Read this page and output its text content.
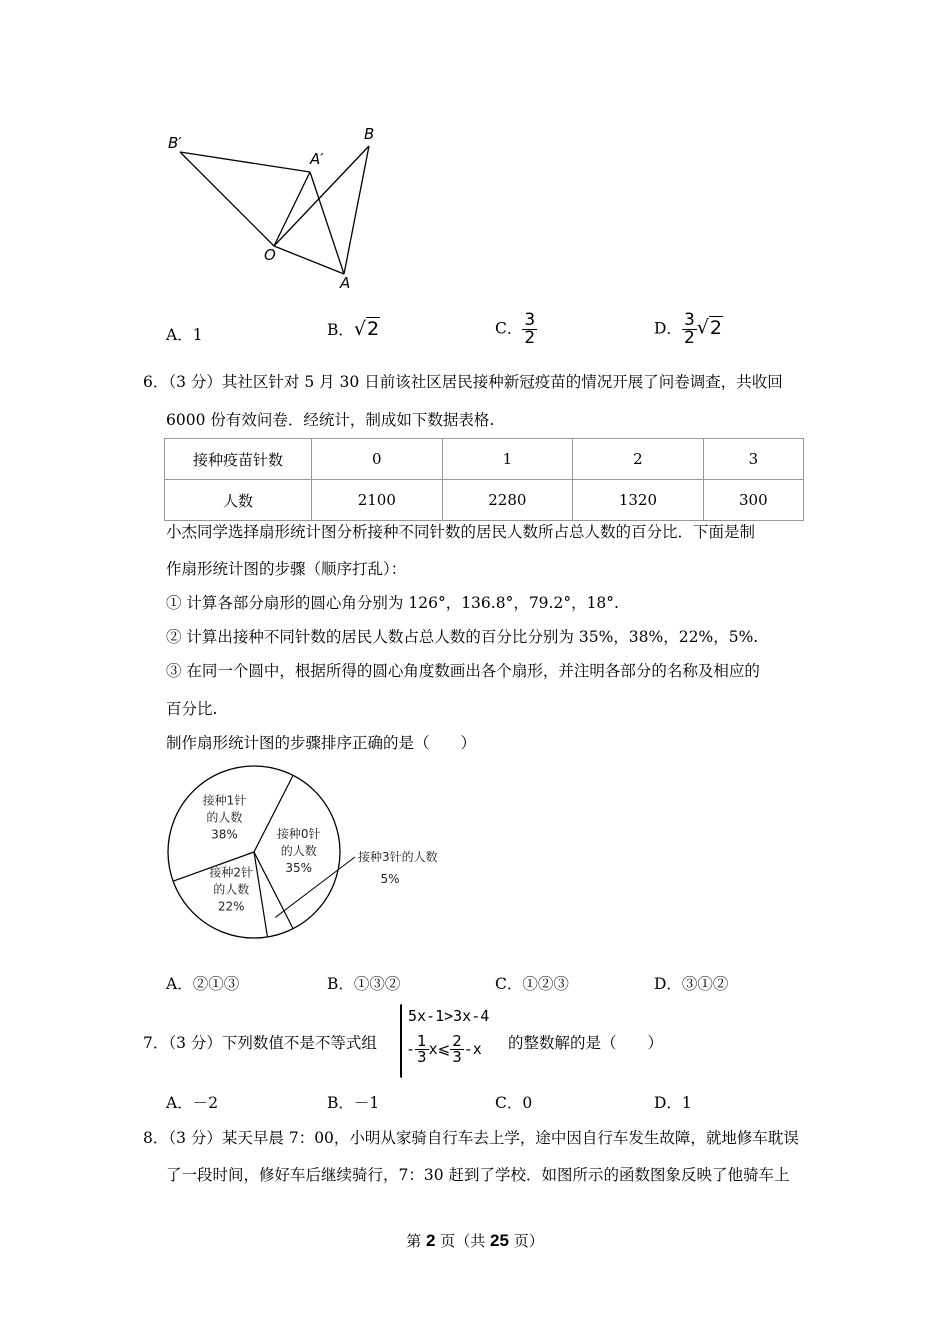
B′
A′
B
O
A
A．1	B．√2	C． $\frac{3}{2}$	D． $\frac{3}{2} √2$
6．（3 分）其社区针对 5 月 30 日前该社区居民接种新冠疫苗的情况开展了问卷调查，共收回
6000 份有效问卷．经统计，制成如下数据表格.
接种疫苗针数	0	1	2	3
人数	2100	2280	1320	300
小杰同学选择扇形统计图分析接种不同针数的居民人数所占总人数的百分比．下面是制
作扇形统计图的步骤（顺序打乱）：
① 计算各部分扇形的圆心角分别为 126°，136.8°，79.2°，18°.
② 计算出接种不同针数的居民人数占总人数的百分比分别为 35%，38%，22%，5%.
③ 在同一个圆中，根据所得的圆心角度数画出各个扇形，并注明各部分的名称及相应的
百分比.
制作扇形统计图的步骤排序正确的是（　　）
接种0针
的人数
35%
接种3针的人数
5%
接种2针
的人数
22%
接种1针
的人数
38%
A．②①③	B．①③②	C．①②③	D．③①②
7．（3 分）下列数值不是不等式组
5x-1>3x-4
- $\frac{1}{3}$ x⩽ $\frac{2}{3} -x$ 的整数解的是（　　）
A．－2	B．－1	C．0	D．1
8．（3 分）某天早晨 7：00，小明从家骑自行车去上学，途中因自行车发生故障，就地修车耽误
了一段时间，修好车后继续骑行，7：30 赶到了学校．如图所示的函数图象反映了他骑车上
第 2 页（共 25 页）
